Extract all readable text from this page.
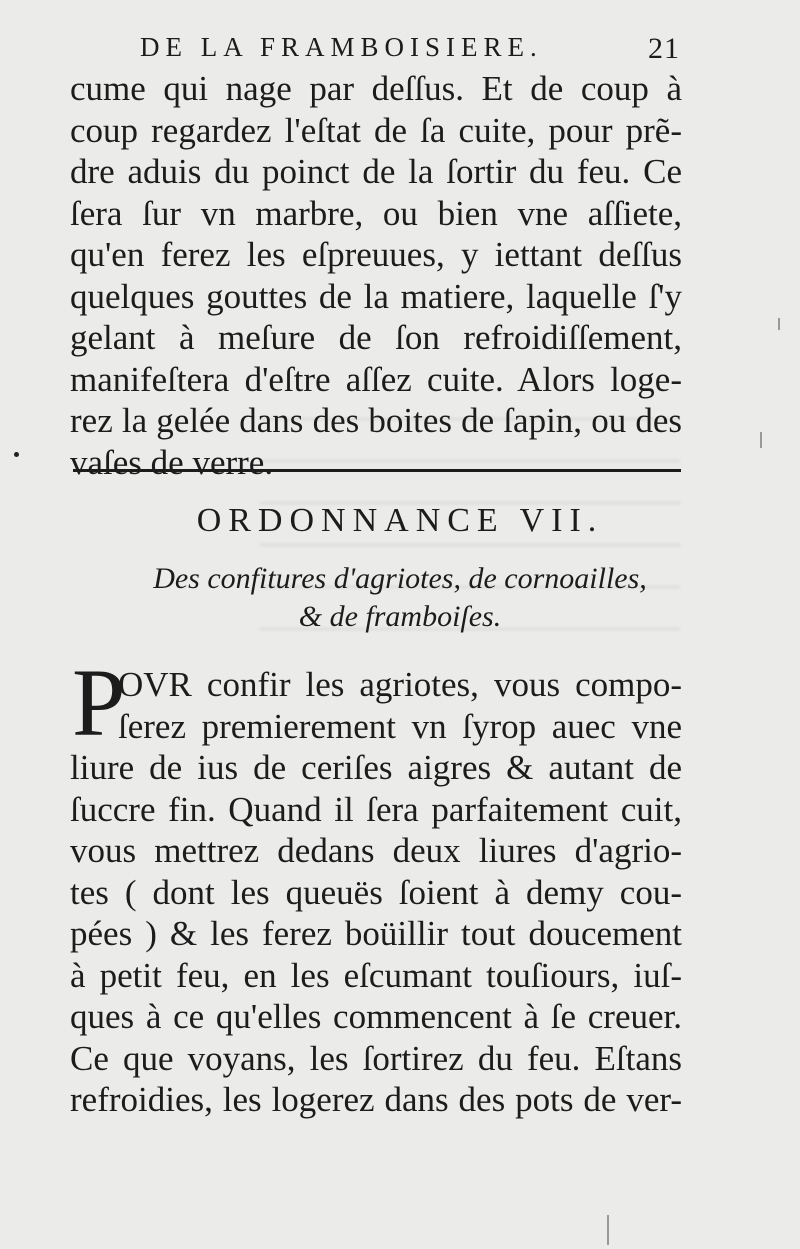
DE LA FRAMBOISIERE.	21
cume qui nage par deſſus. Et de coup à
coup regardez l'eſtat de ſa cuite, pour prẽ-
dre aduis du poinct de la ſortir du feu. Ce
ſera ſur vn marbre, ou bien vne aſſiete,
qu'en ferez les eſpreuues, y iettant deſſus
quelques gouttes de la matiere, laquelle ſ'y
gelant à meſure de ſon refroidiſſement,
manifeſtera d'eſtre aſſez cuite. Alors loge-
rez la gelée dans des boites de ſapin, ou des
vaſes de verre.
ORDONNANCE VII.
Des confitures d'agriotes, de cornoailles,
& de framboiſes.
P
OVR confir les agriotes, vous compo-
ſerez premierement vn ſyrop auec vne
liure de ius de ceriſes aigres & autant de
ſuccre fin. Quand il ſera parfaitement cuit,
vous mettrez dedans deux liures d'agrio-
tes ( dont les queuës ſoient à demy cou-
pées ) & les ferez boüillir tout doucement
à petit feu, en les eſcumant touſiours, iuſ-
ques à ce qu'elles commencent à ſe creuer.
Ce que voyans, les ſortirez du feu. Eſtans
refroidies, les logerez dans des pots de ver-
